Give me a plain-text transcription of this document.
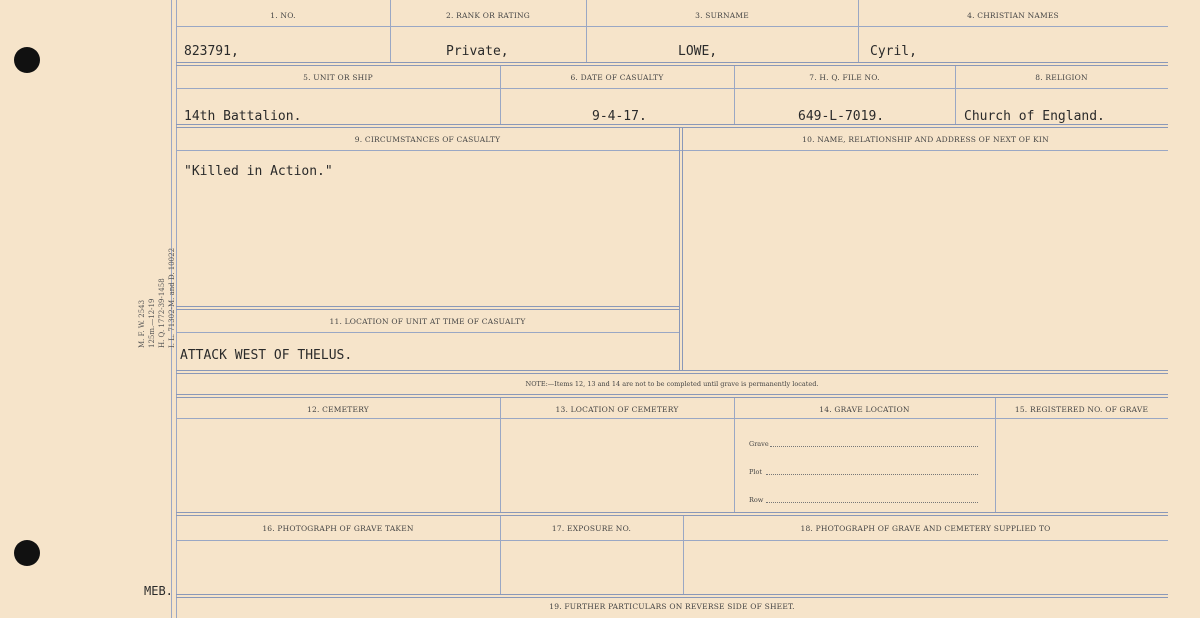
M. F. W. 2543 125m.—12-19 H. Q. 1772-39-1458 I. L. 71302-M. and D. 10022
1. NO.	2. RANK OR RATING	3. SURNAME	4. CHRISTIAN NAMES
823791,	Private,	LOWE,	Cyril,
5. UNIT OR SHIP	6. DATE OF CASUALTY	7. H. Q. FILE NO.	8. RELIGION
14th Battalion.	9-4-17.	649-L-7019.	Church of England.
9. CIRCUMSTANCES OF CASUALTY	10. NAME, RELATIONSHIP AND ADDRESS OF NEXT OF KIN
"Killed in Action."
11. LOCATION OF UNIT AT TIME OF CASUALTY
ATTACK WEST OF THELUS.
NOTE:—Items 12, 13 and 14 are not to be completed until grave is permanently located.
12. CEMETERY	13. LOCATION OF CEMETERY	14. GRAVE LOCATION	15. REGISTERED NO. OF GRAVE
Grave
Plot
Row
16. PHOTOGRAPH OF GRAVE TAKEN	17. EXPOSURE NO.	18. PHOTOGRAPH OF GRAVE AND CEMETERY SUPPLIED TO
19. FURTHER PARTICULARS ON REVERSE SIDE OF SHEET.
MEB.
